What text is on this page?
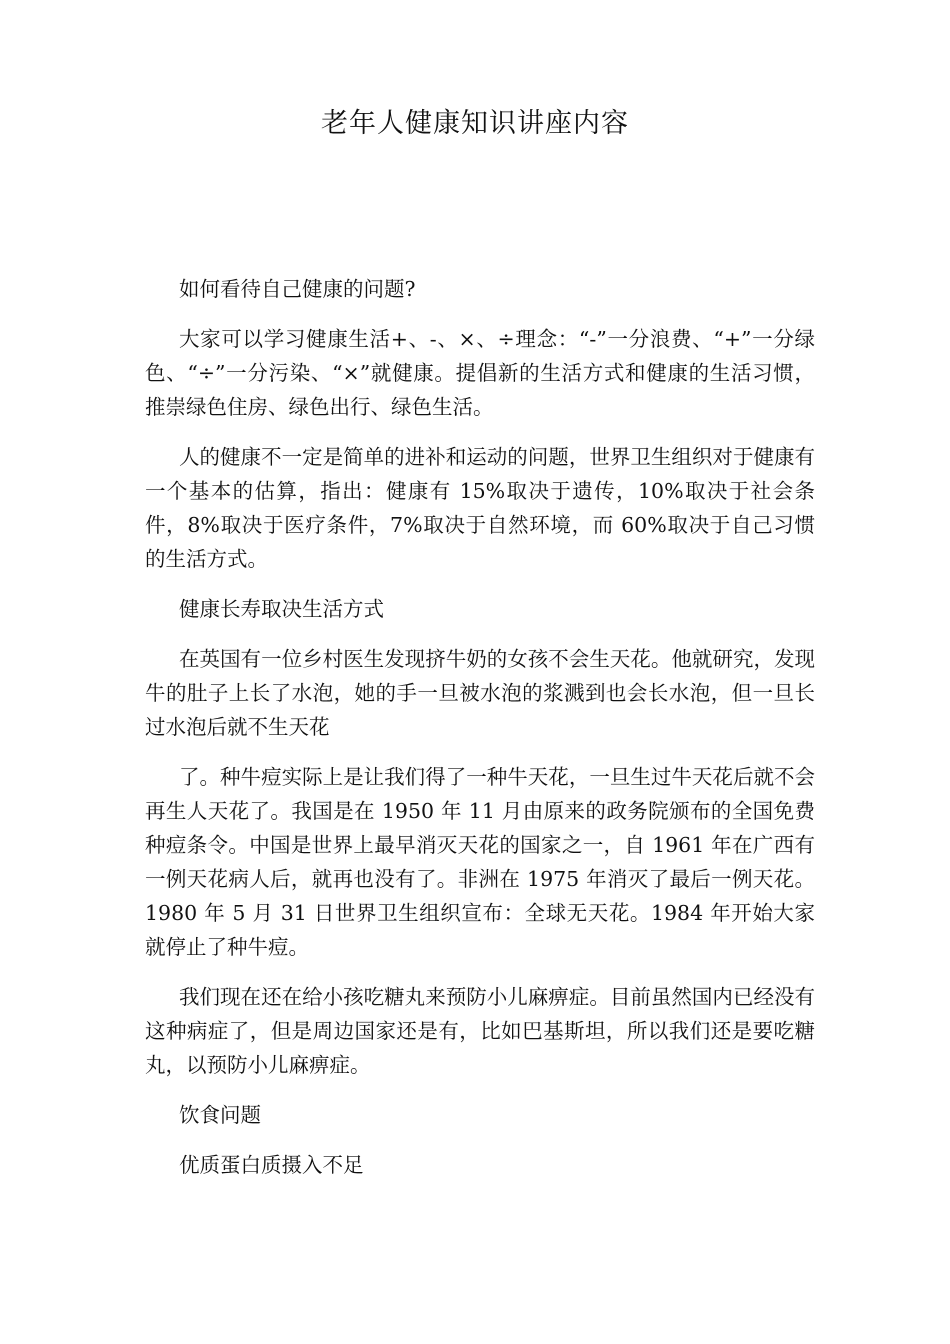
老年人健康知识讲座内容

如何看待自己健康的问题?

大家可以学习健康生活+、-、×、÷理念：“-”一分浪费、“+”一分绿色、“÷”一分污染、“×”就健康。提倡新的生活方式和健康的生活习惯，推崇绿色住房、绿色出行、绿色生活。

人的健康不一定是简单的进补和运动的问题，世界卫生组织对于健康有一个基本的估算，指出：健康有 15%取决于遗传，10%取决于社会条件，8%取决于医疗条件，7%取决于自然环境，而 60%取决于自己习惯的生活方式。

健康长寿取决生活方式

在英国有一位乡村医生发现挤牛奶的女孩不会生天花。他就研究，发现牛的肚子上长了水泡，她的手一旦被水泡的浆溅到也会长水泡，但一旦长过水泡后就不生天花

了。种牛痘实际上是让我们得了一种牛天花，一旦生过牛天花后就不会再生人天花了。我国是在 1950 年 11 月由原来的政务院颁布的全国免费种痘条令。中国是世界上最早消灭天花的国家之一，自 1961 年在广西有一例天花病人后，就再也没有了。非洲在 1975 年消灭了最后一例天花。1980 年 5 月 31 日世界卫生组织宣布：全球无天花。1984 年开始大家就停止了种牛痘。

我们现在还在给小孩吃糖丸来预防小儿麻痹症。目前虽然国内已经没有这种病症了，但是周边国家还是有，比如巴基斯坦，所以我们还是要吃糖丸，以预防小儿麻痹症。

饮食问题

优质蛋白质摄入不足
